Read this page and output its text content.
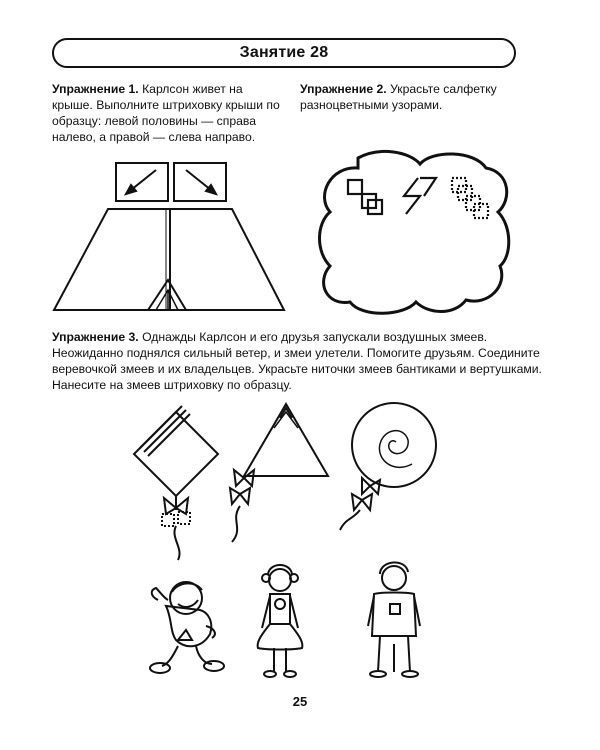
Занятие 28
Упражнение 1. Карлсон живет на крыше. Выполните штриховку крыши по образцу: левой половины — справа налево, а правой — слева направо.
Упражнение 2. Украсьте салфетку разноцветными узорами.
Упражнение 3. Однажды Карлсон и его друзья запускали воздушных змеев. Неожиданно поднялся сильный ветер, и змеи улетели. Помогите друзьям. Соедините веревочкой змеев и их владельцев. Украсьте ниточки змеев бантиками и вертушками. Нанесите на змеев штриховку по образцу.
25
